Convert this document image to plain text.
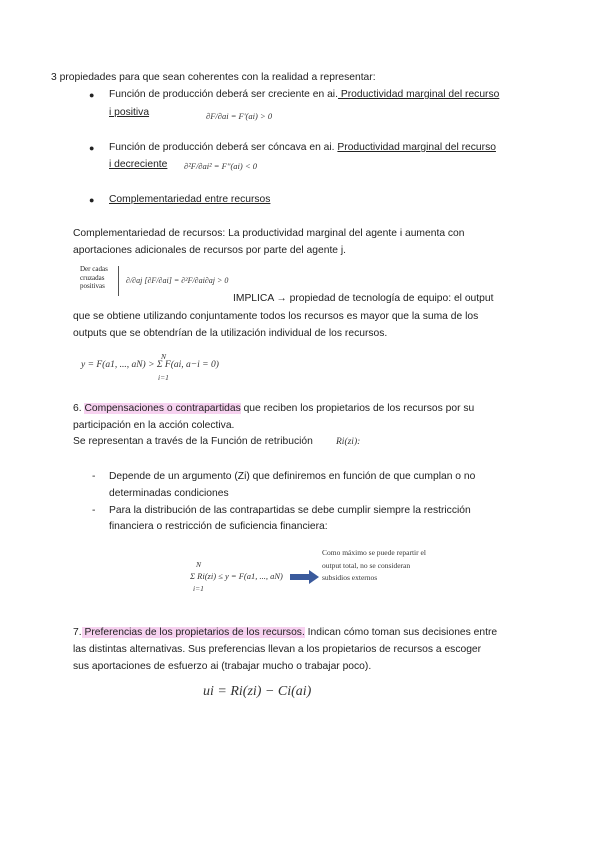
3 propiedades para que sean coherentes con la realidad a representar:
● Función de producción deberá ser creciente en ai. Productividad marginal del recurso
i positiva	∂F/∂ai = F'(ai) > 0
● Función de producción deberá ser cóncava en ai. Productividad marginal del recurso
i decreciente ∂²F/∂ai² = F''(ai) < 0
● Complementariedad entre recursos
Complementariedad de recursos: La productividad marginal del agente i aumenta con
aportaciones adicionales de recursos por parte del agente j.
Der cadas
cruzadas
positivas
∂/∂aj [∂F/∂ai] = ∂²F/∂ai∂aj > 0
IMPLICA → propiedad de tecnología de equipo: el output
que se obtiene utilizando conjuntamente todos los recursos es mayor que la suma de los
outputs que se obtendrían de la utilización individual de los recursos.
y = F(a1, ..., aN) > Σ F(ai, a−i = 0)
N
i=1
6. Compensaciones o contrapartidas que reciben los propietarios de los recursos por su
participación en la acción colectiva.
Se representan a través de la Función de retribución Ri(zi):
- Depende de un argumento (Zi) que definiremos en función de que cumplan o no
determinadas condiciones
- Para la distribución de las contrapartidas se debe cumplir siempre la restricción
financiera o restricción de suficiencia financiera:
N
Σ Ri(zi) ≤ y = F(a1, ..., aN)
i=1
Como máximo se puede repartir el
output total, no se consideran
subsidios externos
7. Preferencias de los propietarios de los recursos. Indican cómo toman sus decisiones entre
las distintas alternativas. Sus preferencias llevan a los propietarios de recursos a escoger
sus aportaciones de esfuerzo ai (trabajar mucho o trabajar poco).
ui = Ri(zi) − Ci(ai)
